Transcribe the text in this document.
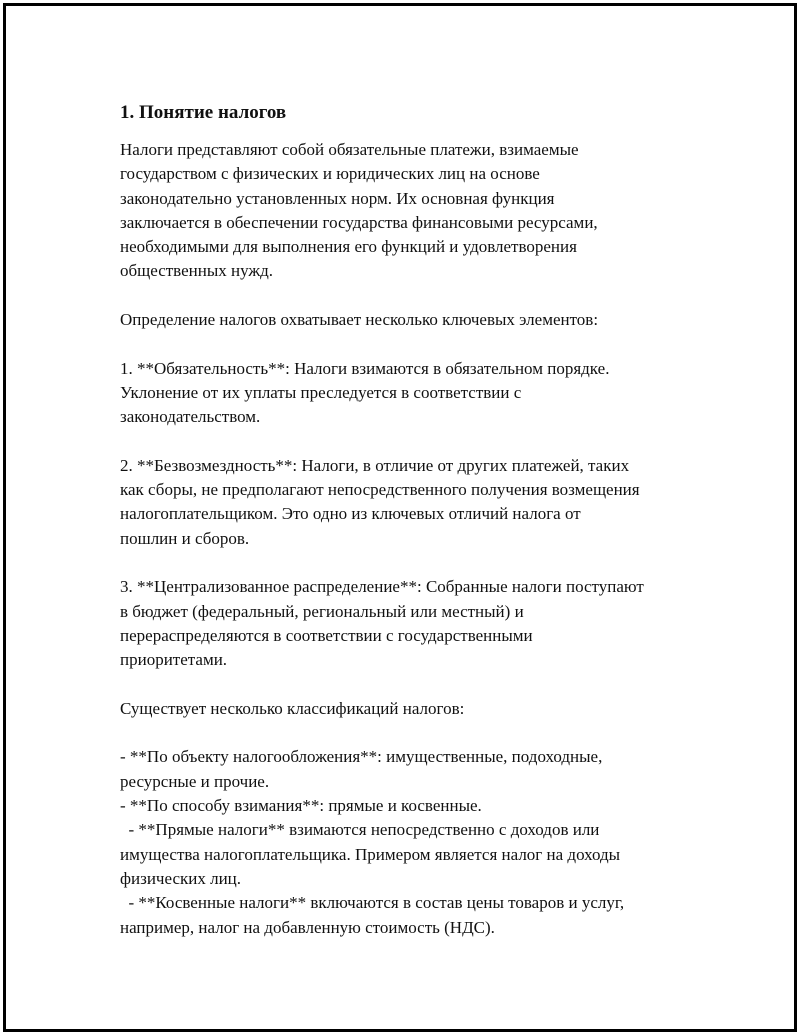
1. Понятие налогов

Налоги представляют собой обязательные платежи, взимаемые
государством с физических и юридических лиц на основе
законодательно установленных норм. Их основная функция
заключается в обеспечении государства финансовыми ресурсами,
необходимыми для выполнения его функций и удовлетворения
общественных нужд.

Определение налогов охватывает несколько ключевых элементов:

1. **Обязательность**: Налоги взимаются в обязательном порядке.
Уклонение от их уплаты преследуется в соответствии с
законодательством.

2. **Безвозмездность**: Налоги, в отличие от других платежей, таких
как сборы, не предполагают непосредственного получения возмещения
налогоплательщиком. Это одно из ключевых отличий налога от
пошлин и сборов.

3. **Централизованное распределение**: Собранные налоги поступают
в бюджет (федеральный, региональный или местный) и
перераспределяются в соответствии с государственными
приоритетами.

Существует несколько классификаций налогов:

- **По объекту налогообложения**: имущественные, подоходные,
ресурсные и прочие.
- **По способу взимания**: прямые и косвенные.
- **Прямые налоги** взимаются непосредственно с доходов или
имущества налогоплательщика. Примером является налог на доходы
физических лиц.
- **Косвенные налоги** включаются в состав цены товаров и услуг,
например, налог на добавленную стоимость (НДС).
